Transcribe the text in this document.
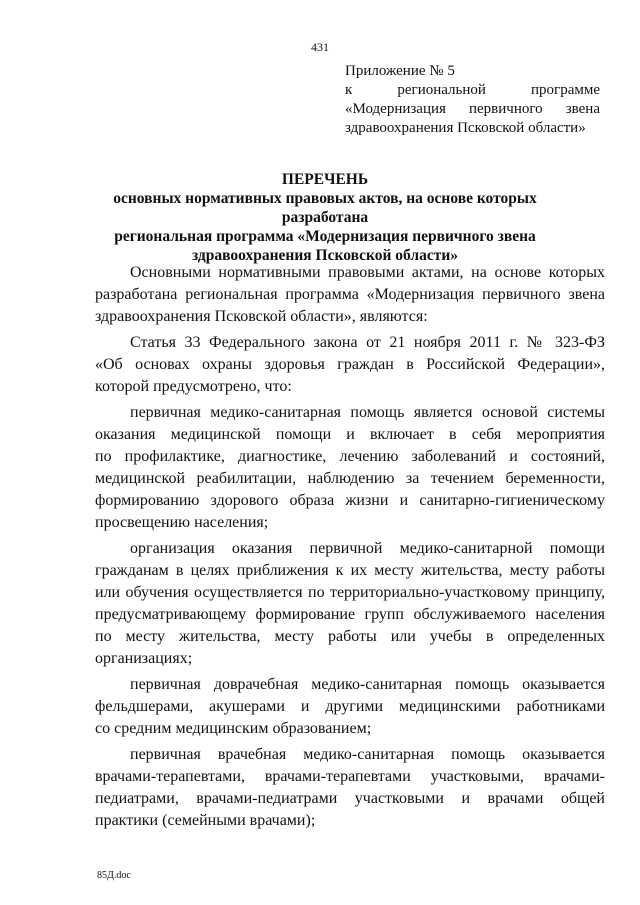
431
Приложение № 5
к региональной программе
«Модернизация первичного звена
здравоохранения Псковской области»
ПЕРЕЧЕНЬ
основных нормативных правовых актов, на основе которых разработана
региональная программа «Модернизация первичного звена
здравоохранения Псковской области»
Основными нормативными правовыми актами, на основе которых
разработана региональная программа «Модернизация первичного звена
здравоохранения Псковской области», являются:
Статья 33 Федерального закона от 21 ноября 2011 г. № 323-ФЗ
«Об основах охраны здоровья граждан в Российской Федерации»,
которой предусмотрено, что:
первичная медико-санитарная помощь является основой системы
оказания медицинской помощи и включает в себя мероприятия
по профилактике, диагностике, лечению заболеваний и состояний,
медицинской реабилитации, наблюдению за течением беременности,
формированию здорового образа жизни и санитарно-гигиеническому
просвещению населения;
организация оказания первичной медико-санитарной помощи
гражданам в целях приближения к их месту жительства, месту работы
или обучения осуществляется по территориально-участковому принципу,
предусматривающему формирование групп обслуживаемого населения
по месту жительства, месту работы или учебы в определенных
организациях;
первичная доврачебная медико-санитарная помощь оказывается
фельдшерами, акушерами и другими медицинскими работниками
со средним медицинским образованием;
первичная врачебная медико-санитарная помощь оказывается
врачами-терапевтами, врачами-терапевтами участковыми, врачами-
педиатрами, врачами-педиатрами участковыми и врачами общей
практики (семейными врачами);
85Д.doc
